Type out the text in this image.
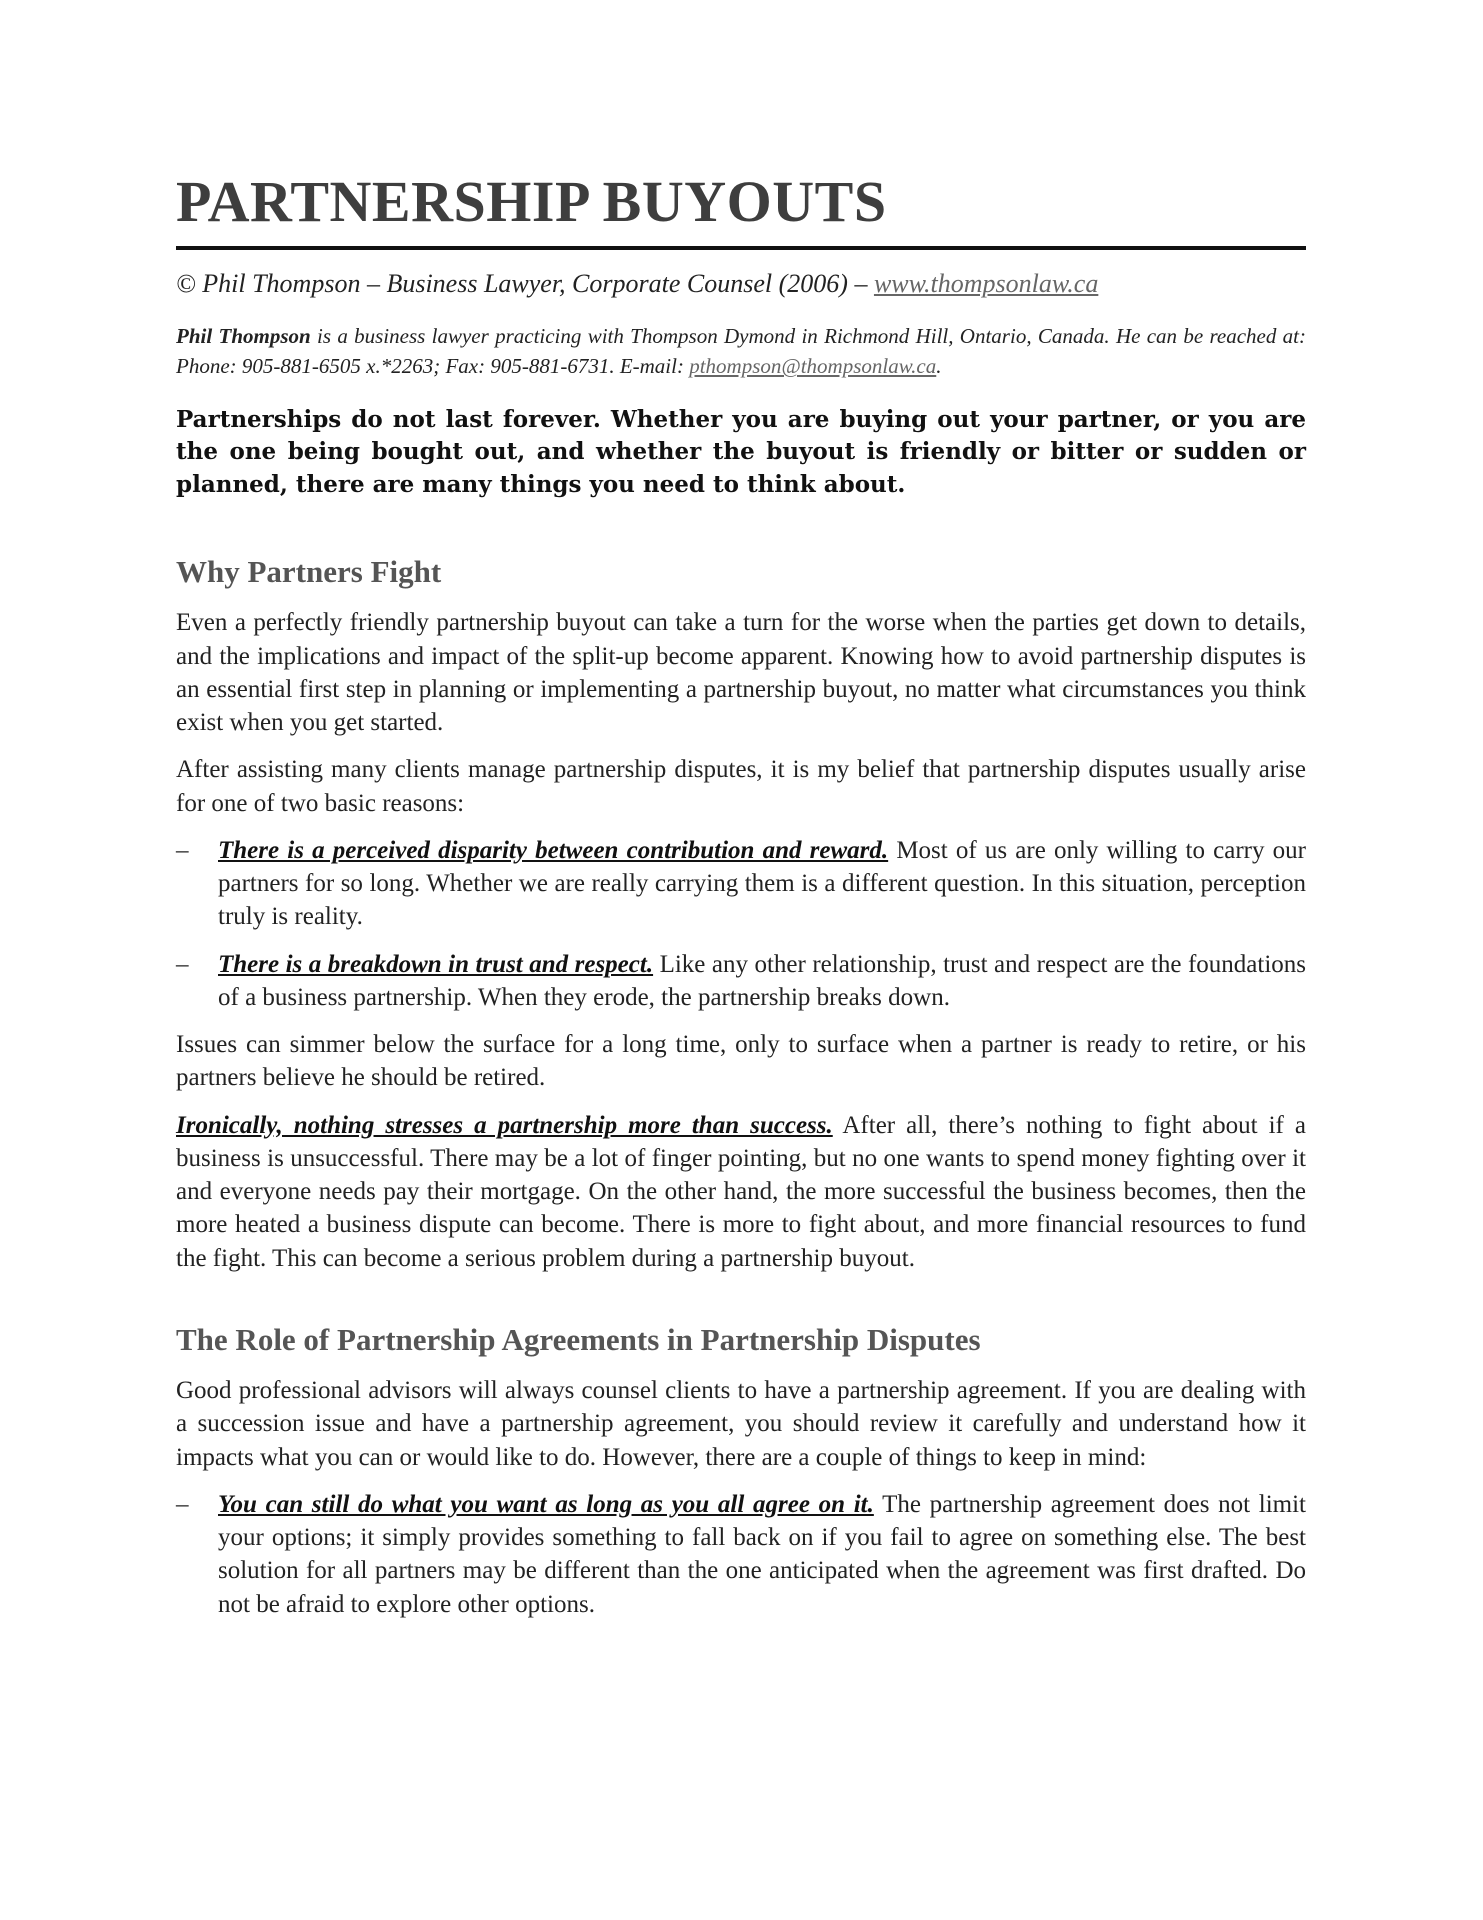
PARTNERSHIP BUYOUTS
© Phil Thompson – Business Lawyer, Corporate Counsel (2006) – www.thompsonlaw.ca
Phil Thompson is a business lawyer practicing with Thompson Dymond in Richmond Hill, Ontario, Canada. He can be reached at: Phone: 905-881-6505 x.*2263; Fax: 905-881-6731. E-mail: pthompson@thompsonlaw.ca.

Partnerships do not last forever. Whether you are buying out your partner, or you are the one being bought out, and whether the buyout is friendly or bitter or sudden or planned, there are many things you need to think about.

Why Partners Fight

Even a perfectly friendly partnership buyout can take a turn for the worse when the parties get down to details, and the implications and impact of the split-up become apparent. Knowing how to avoid partnership disputes is an essential first step in planning or implementing a partnership buyout, no matter what circumstances you think exist when you get started.

After assisting many clients manage partnership disputes, it is my belief that partnership disputes usually arise for one of two basic reasons:

– There is a perceived disparity between contribution and reward. Most of us are only willing to carry our partners for so long. Whether we are really carrying them is a different question. In this situation, perception truly is reality.
– There is a breakdown in trust and respect. Like any other relationship, trust and respect are the foundations of a business partnership. When they erode, the partnership breaks down.

Issues can simmer below the surface for a long time, only to surface when a partner is ready to retire, or his partners believe he should be retired.

Ironically, nothing stresses a partnership more than success. After all, there’s nothing to fight about if a business is unsuccessful. There may be a lot of finger pointing, but no one wants to spend money fighting over it and everyone needs pay their mortgage. On the other hand, the more successful the business becomes, then the more heated a business dispute can become. There is more to fight about, and more financial resources to fund the fight. This can become a serious problem during a partnership buyout.

The Role of Partnership Agreements in Partnership Disputes

Good professional advisors will always counsel clients to have a partnership agreement. If you are dealing with a succession issue and have a partnership agreement, you should review it carefully and understand how it impacts what you can or would like to do. However, there are a couple of things to keep in mind:

– You can still do what you want as long as you all agree on it. The partnership agreement does not limit your options; it simply provides something to fall back on if you fail to agree on something else. The best solution for all partners may be different than the one anticipated when the agreement was first drafted. Do not be afraid to explore other options.
